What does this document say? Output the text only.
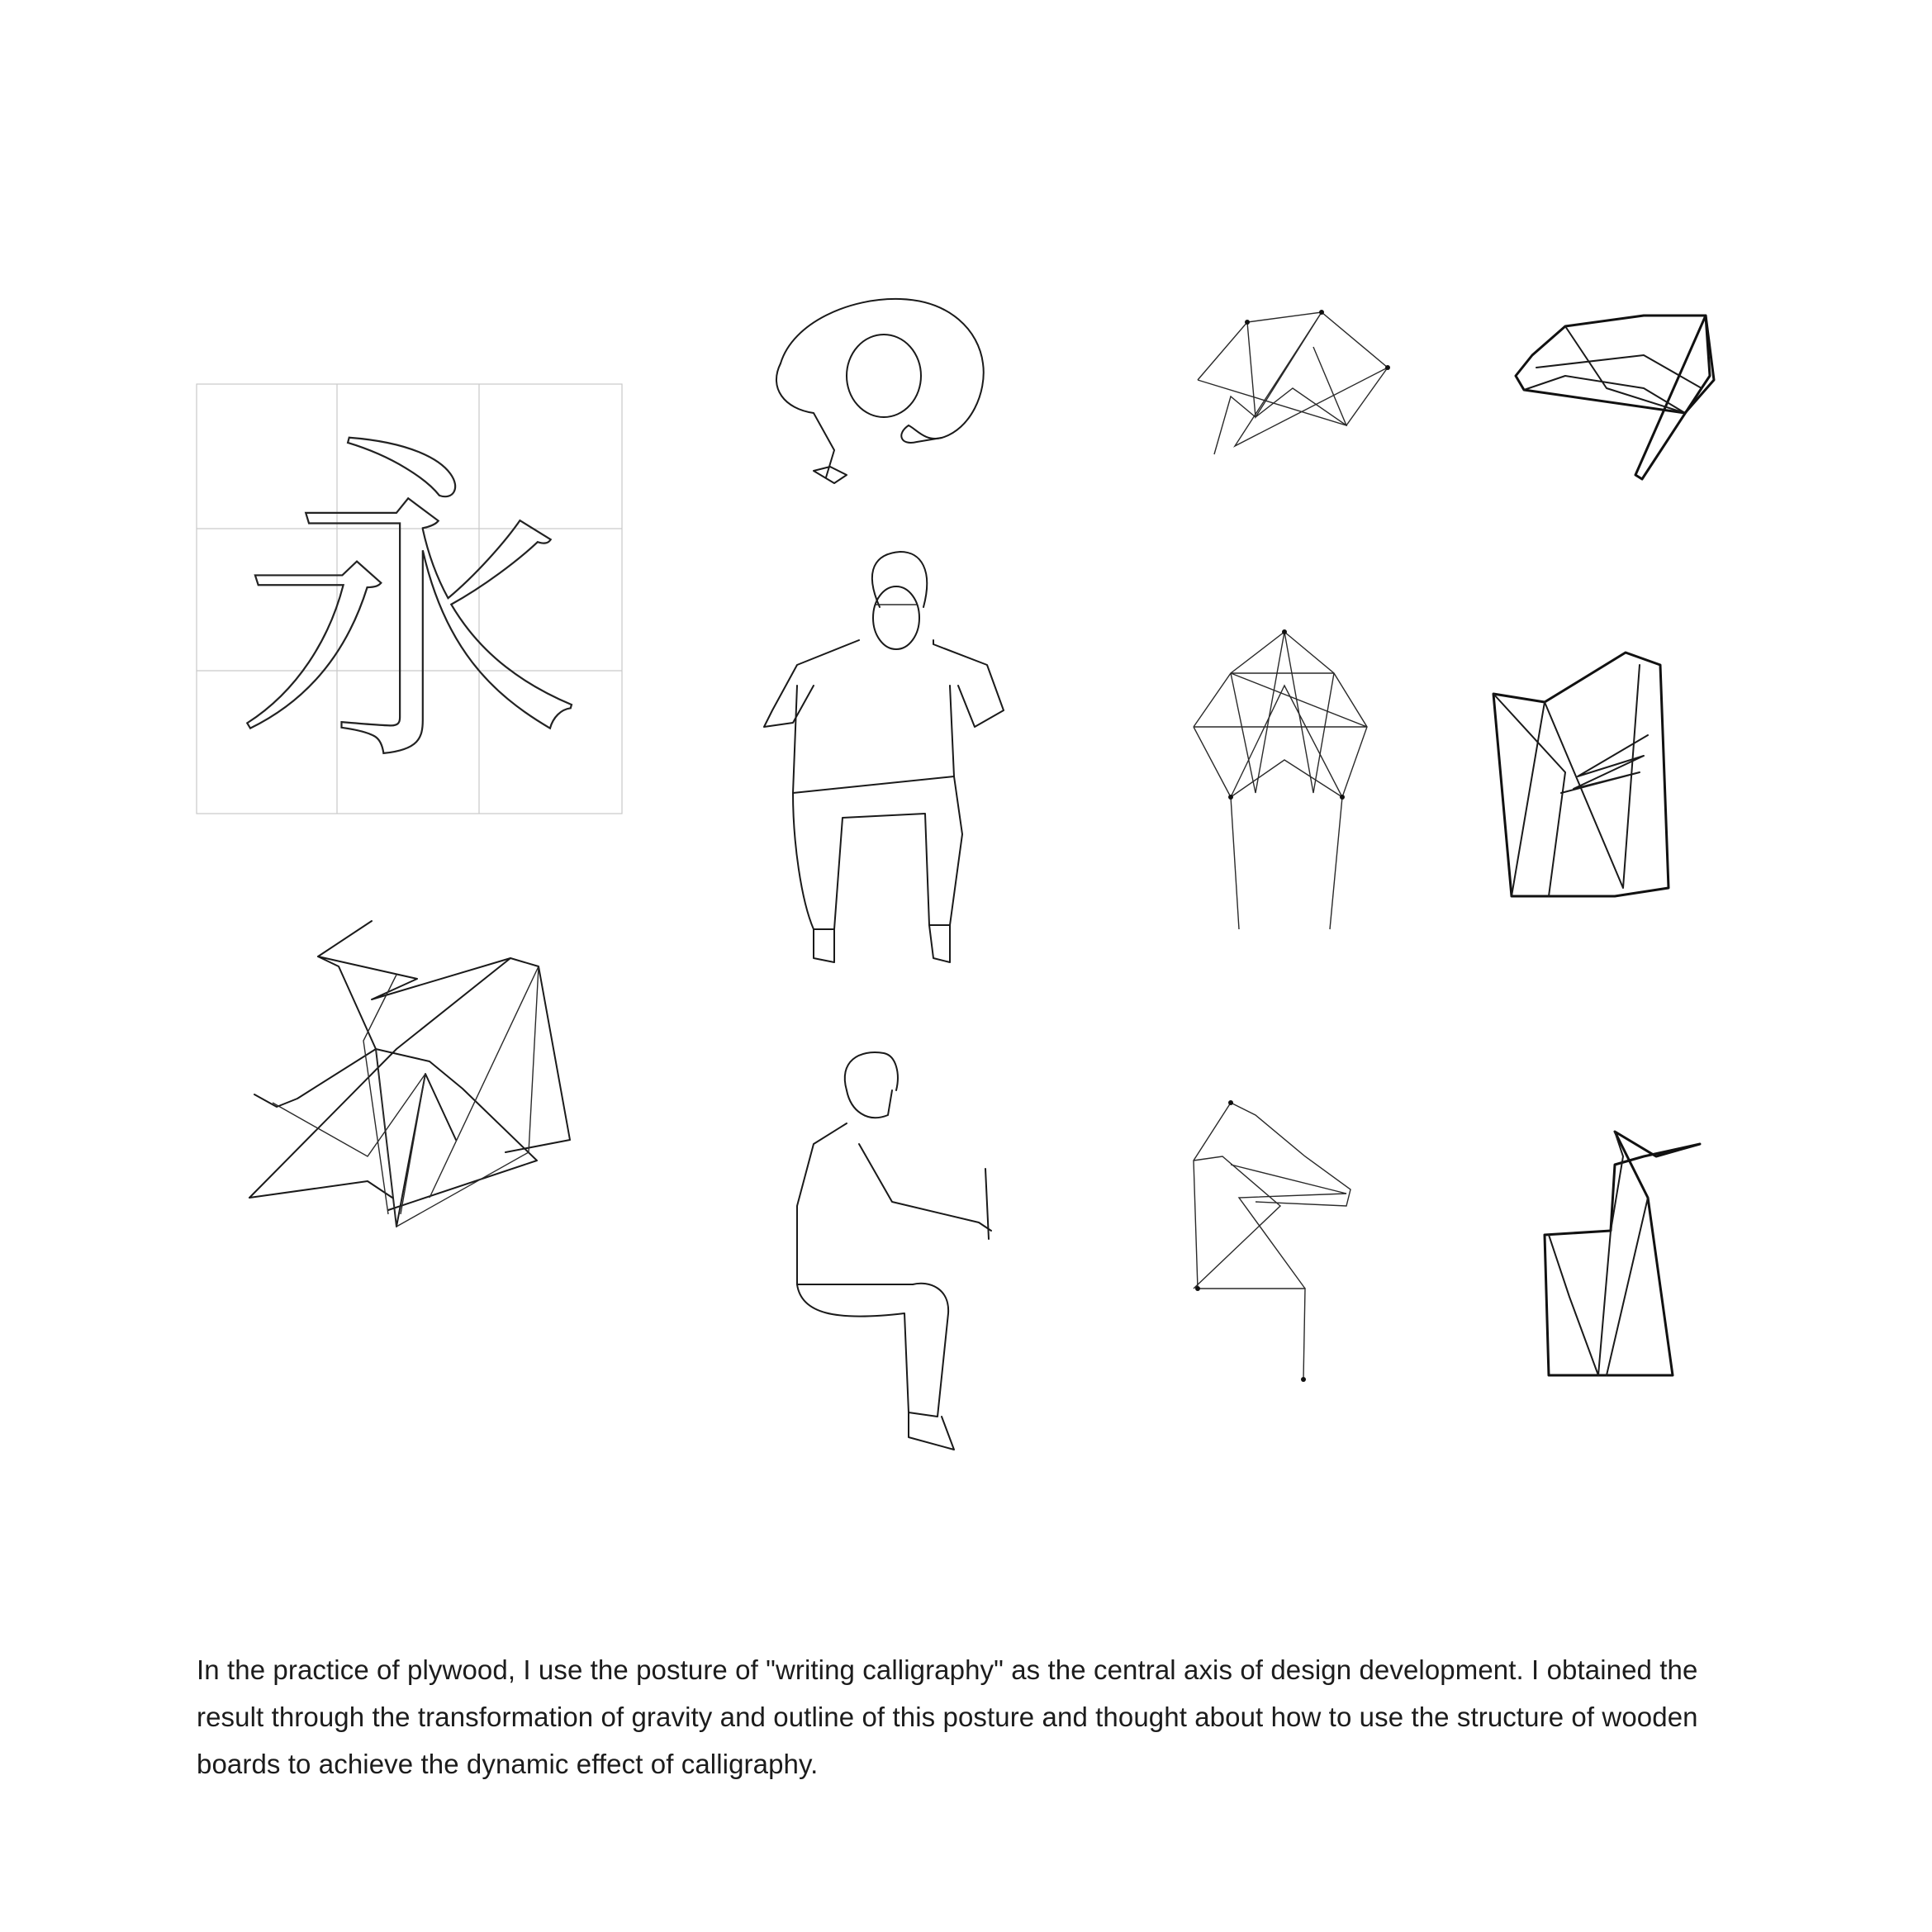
永

In the practice of plywood, I use the posture of "writing calligraphy" as the central axis of design development. I obtained the result through the transformation of gravity and outline of this posture and thought about how to use the structure of wooden boards to achieve the dynamic effect of calligraphy.
